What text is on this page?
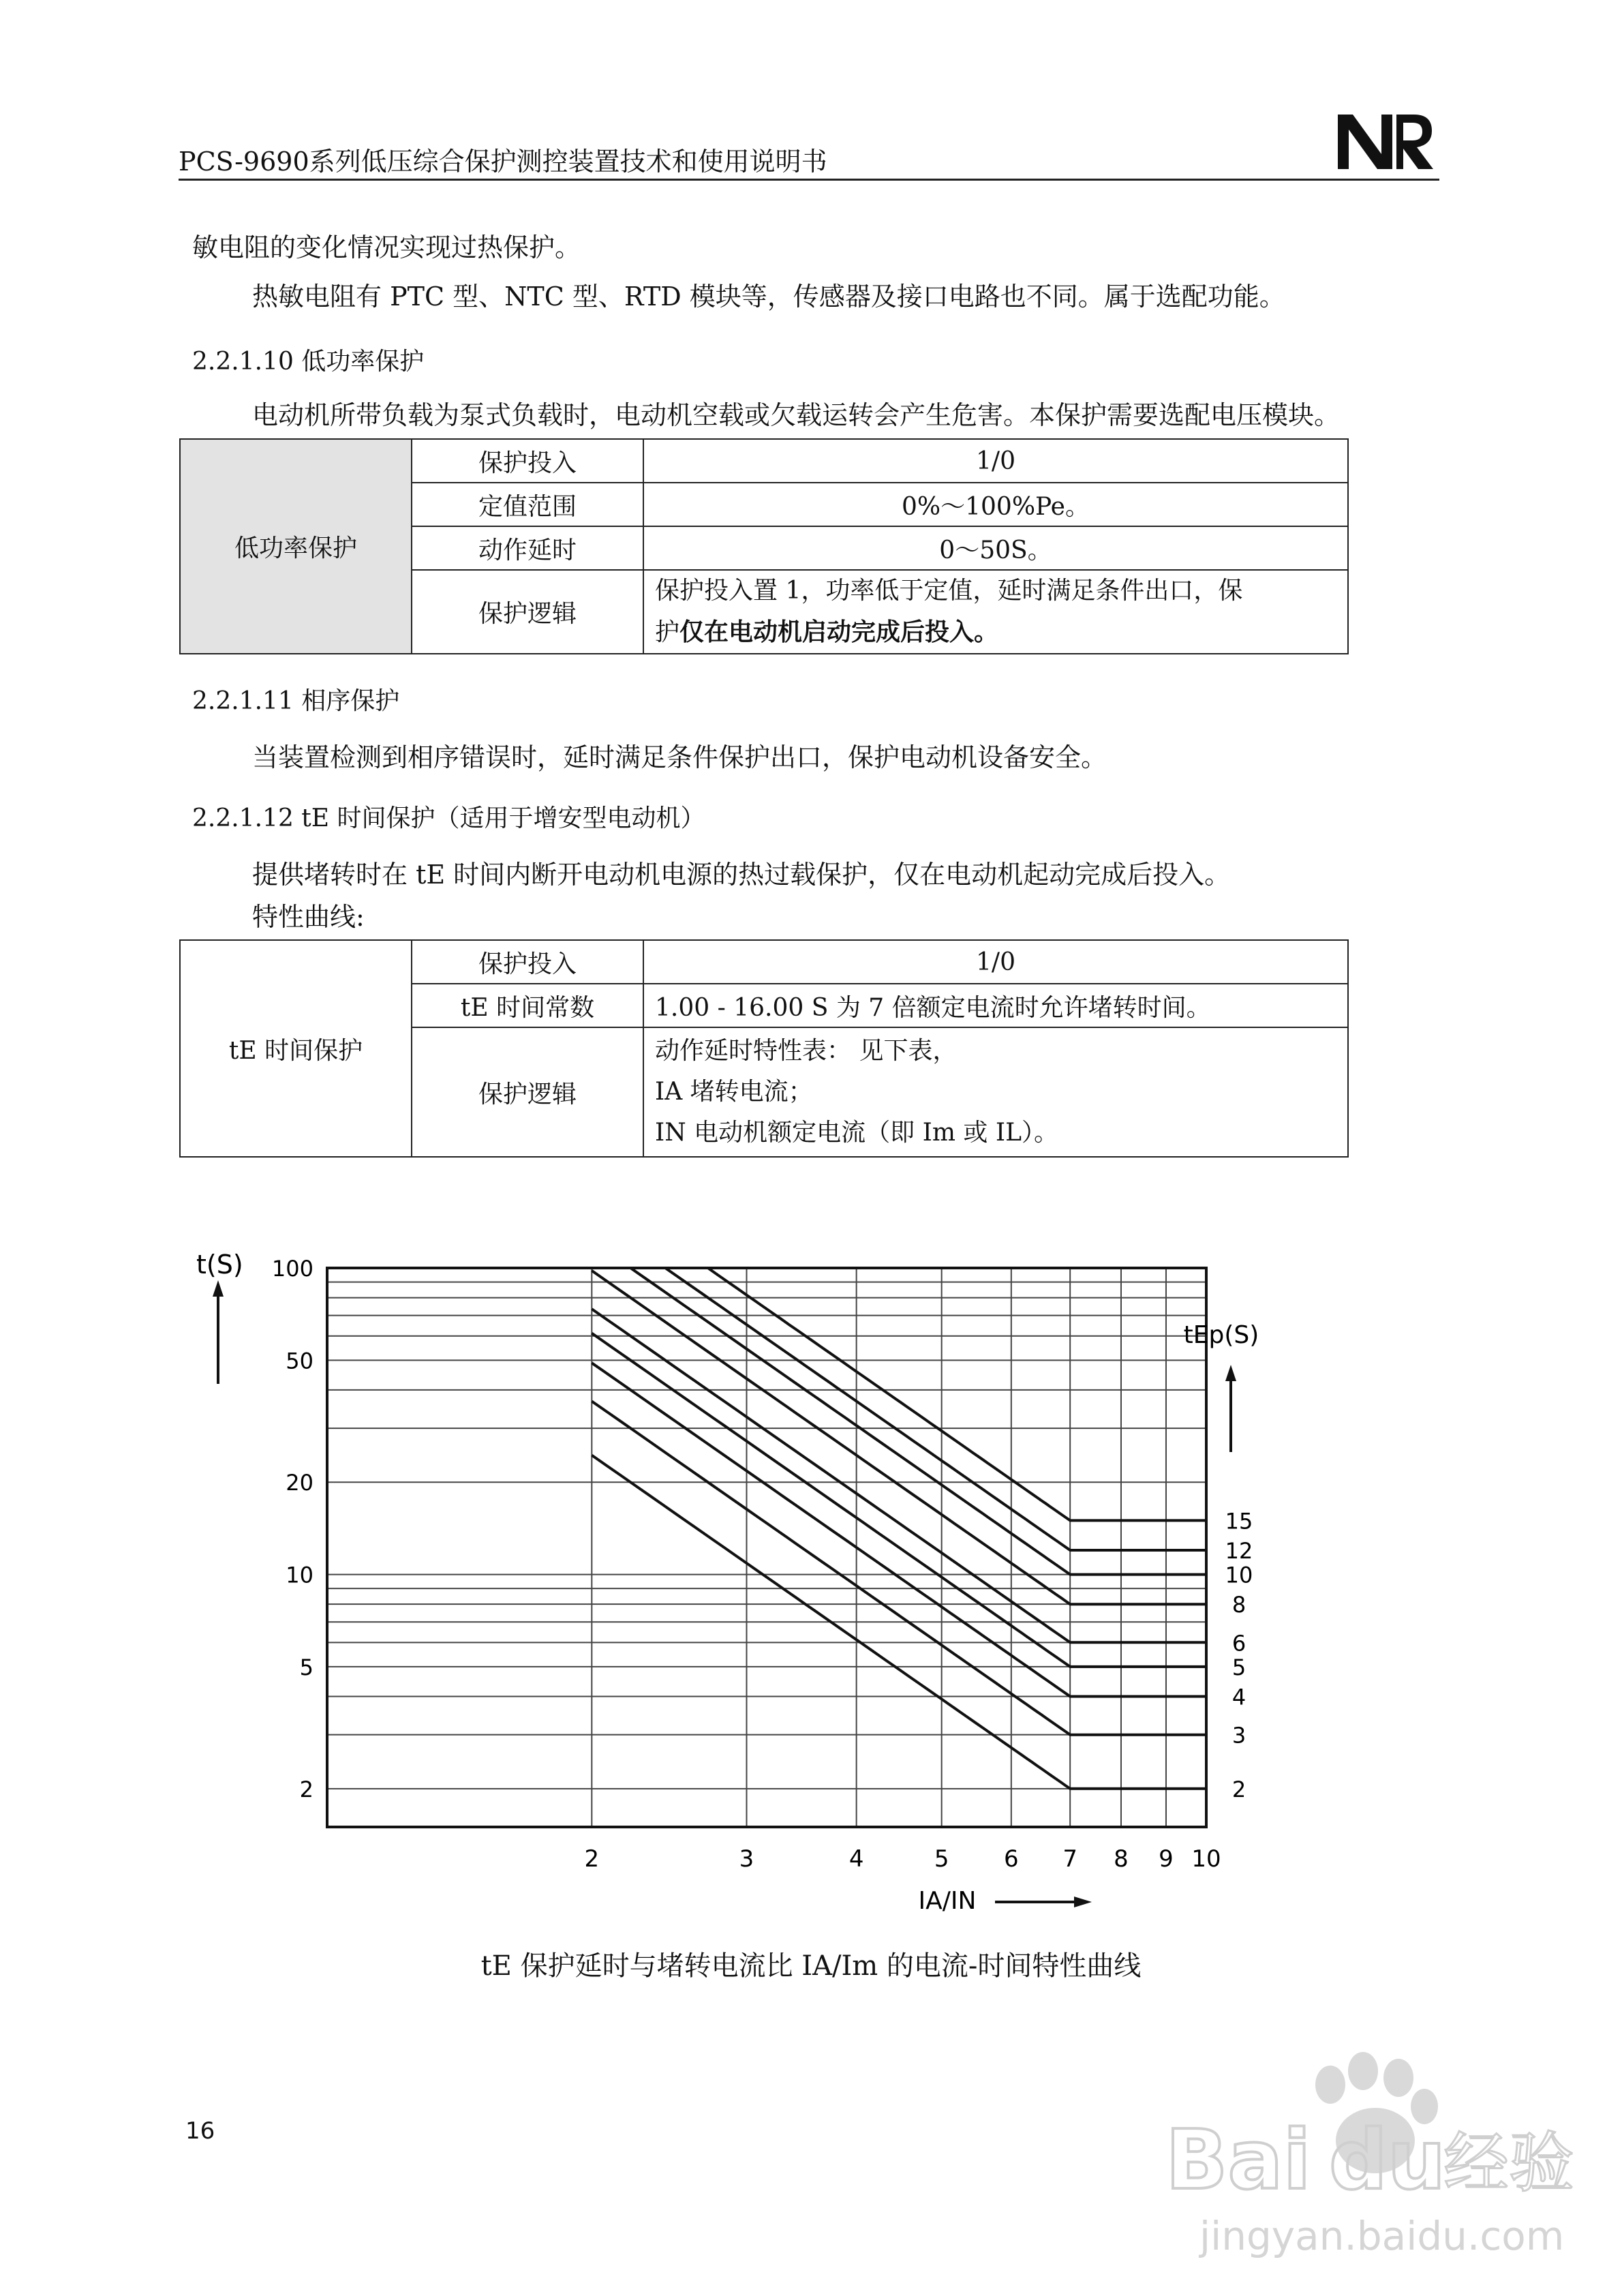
PCS-9690系列低压综合保护测控装置技术和使用说明书
敏电阻的变化情况实现过热保护。
热敏电阻有 PTC 型、NTC 型、RTD 模块等，传感器及接口电路也不同。属于选配功能。
2.2.1.10 低功率保护
电动机所带负载为泵式负载时，电动机空载或欠载运转会产生危害。本保护需要选配电压模块。
低功率保护	保护投入	1/0
	定值范围	0%～100%Pe。
	动作延时	0～50S。
	保护逻辑	保护投入置 1，功率低于定值，延时满足条件出口，保
护仅在电动机启动完成后投入。
2.2.1.11 相序保护
当装置检测到相序错误时，延时满足条件保护出口，保护电动机设备安全。
2.2.1.12 tE 时间保护（适用于增安型电动机）
提供堵转时在 tE 时间内断开电动机电源的热过载保护，仅在电动机起动完成后投入。
特性曲线:
tE 时间保护	保护投入	1/0
	tE 时间常数	1.00 - 16.00 S 为 7 倍额定电流时允许堵转时间。
	保护逻辑	动作延时特性表： 见下表，
IA 堵转电流；
IN 电动机额定电流（即 Im 或 IL）。
2	3	4	5 6 7 8 9 10
2
5
10
20
50
100
15
12
10
8
6
5
4
3
2
t(S)
tEp(S)
IA/IN
tE 保护延时与堵转电流比 IA/Im 的电流-时间特性曲线
16	Bai du
经验
jingyan.baidu.com
